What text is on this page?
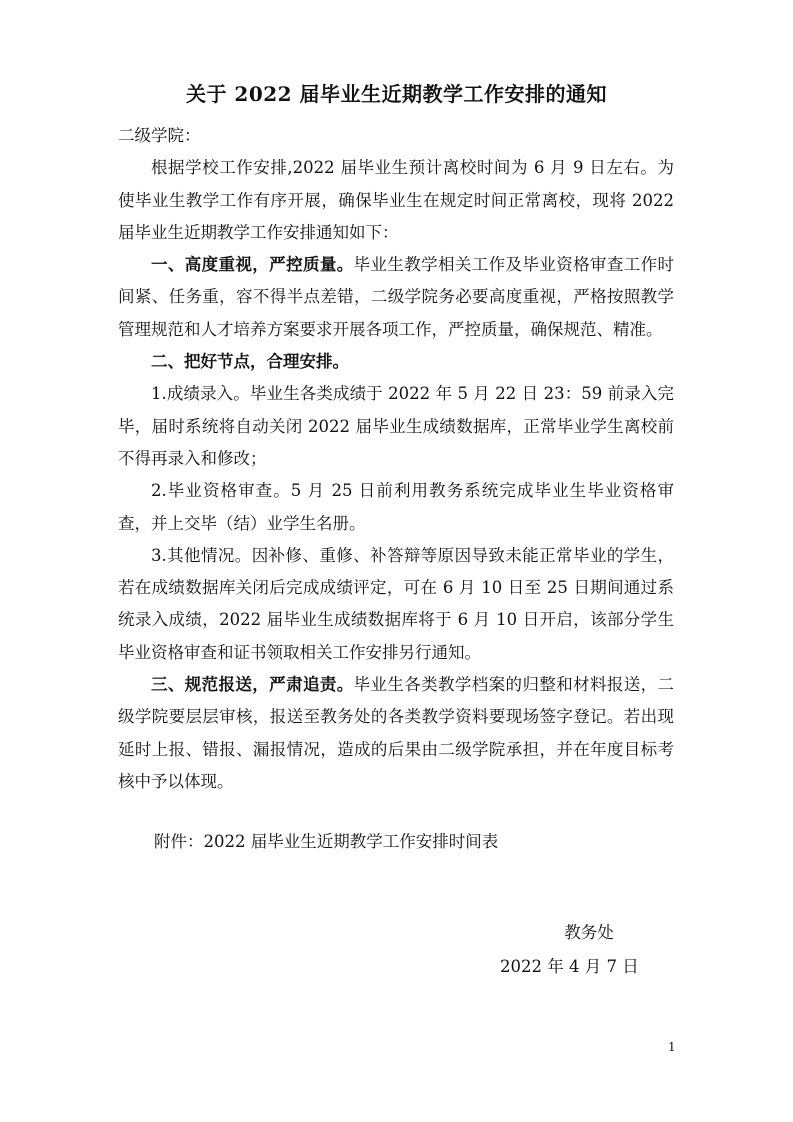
关于 2022 届毕业生近期教学工作安排的通知

二级学院：

根据学校工作安排,2022 届毕业生预计离校时间为 6 月 9 日左右。为使毕业生教学工作有序开展，确保毕业生在规定时间正常离校，现将 2022 届毕业生近期教学工作安排通知如下：

一、高度重视，严控质量。毕业生教学相关工作及毕业资格审查工作时间紧、任务重，容不得半点差错，二级学院务必要高度重视，严格按照教学管理规范和人才培养方案要求开展各项工作，严控质量，确保规范、精准。

二、把好节点，合理安排。

1.成绩录入。毕业生各类成绩于 2022 年 5 月 22 日 23：59 前录入完毕，届时系统将自动关闭 2022 届毕业生成绩数据库，正常毕业学生离校前不得再录入和修改；

2.毕业资格审查。5 月 25 日前利用教务系统完成毕业生毕业资格审查，并上交毕（结）业学生名册。

3.其他情况。因补修、重修、补答辩等原因导致未能正常毕业的学生，若在成绩数据库关闭后完成成绩评定，可在 6 月 10 日至 25 日期间通过系统录入成绩，2022 届毕业生成绩数据库将于 6 月 10 日开启，该部分学生毕业资格审查和证书领取相关工作安排另行通知。

三、规范报送，严肃追责。毕业生各类教学档案的归整和材料报送，二级学院要层层审核，报送至教务处的各类教学资料要现场签字登记。若出现延时上报、错报、漏报情况，造成的后果由二级学院承担，并在年度目标考核中予以体现。

附件：2022 届毕业生近期教学工作安排时间表
教务处
2022 年 4 月 7 日
1
